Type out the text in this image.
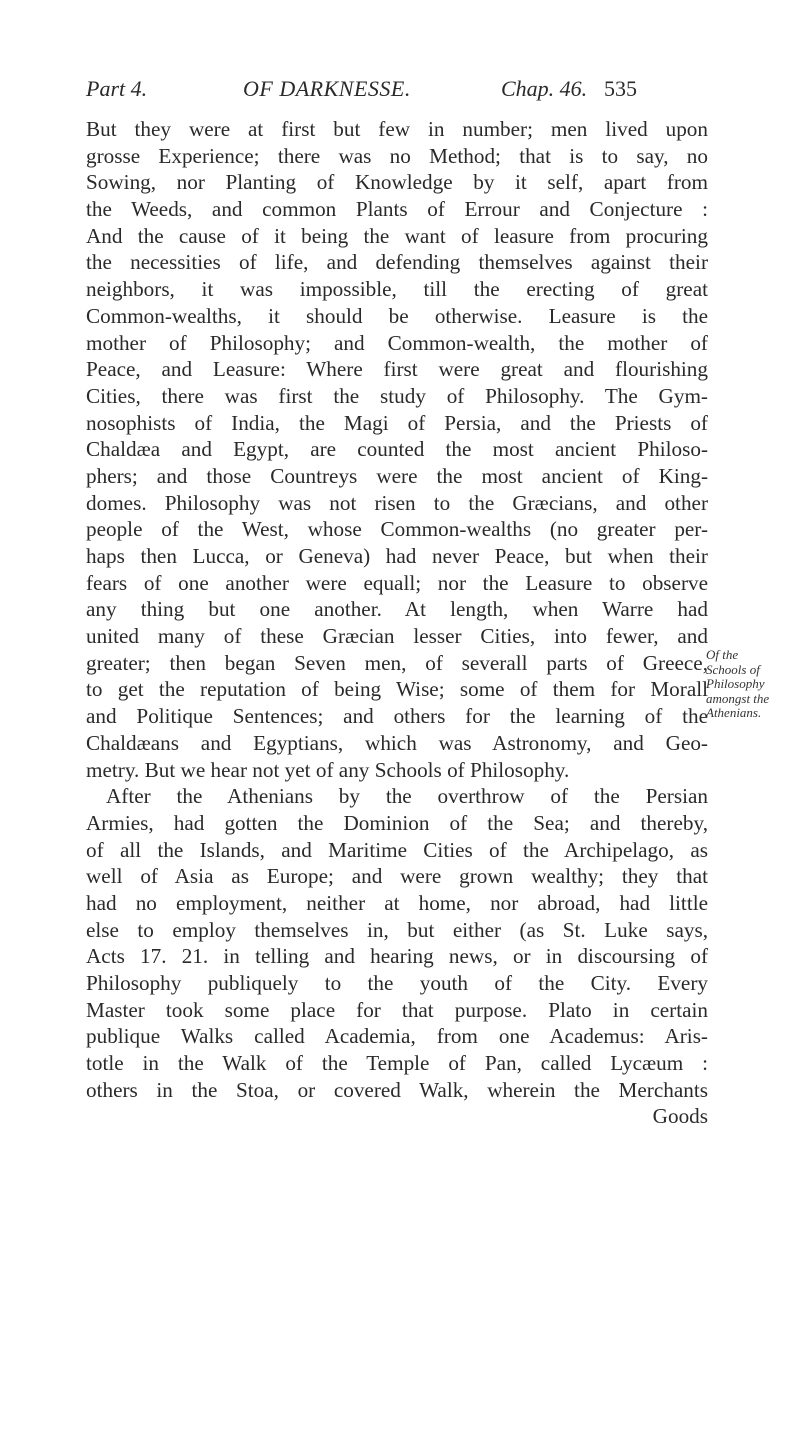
Part 4.	OF DARKNESSE.	Chap. 46. 535
But they were at first but few in number; men lived upon
grosse Experience; there was no Method; that is to say, no
Sowing, nor Planting of Knowledge by it self, apart from
the Weeds, and common Plants of Errour and Conjecture :
And the cause of it being the want of leasure from procuring
the necessities of life, and defending themselves against their
neighbors, it was impossible, till the erecting of great
Common-wealths, it should be otherwise. Leasure is the
mother of Philosophy; and Common-wealth, the mother of
Peace, and Leasure: Where first were great and flourishing
Cities, there was first the study of Philosophy. The Gym-
nosophists of India, the Magi of Persia, and the Priests of
Chaldæa and Egypt, are counted the most ancient Philoso-
phers; and those Countreys were the most ancient of King-
domes. Philosophy was not risen to the Græcians, and other
people of the West, whose Common-wealths (no greater per-
haps then Lucca, or Geneva) had never Peace, but when their
fears of one another were equall; nor the Leasure to observe
any thing but one another. At length, when Warre had
united many of these Græcian lesser Cities, into fewer, and
greater; then began Seven men, of severall parts of Greece,
to get the reputation of being Wise; some of them for Morall
and Politique Sentences; and others for the learning of the
Chaldæans and Egyptians, which was Astronomy, and Geo-
metry. But we hear not yet of any Schools of Philosophy.
After the Athenians by the overthrow of the Persian
Armies, had gotten the Dominion of the Sea; and thereby,
of all the Islands, and Maritime Cities of the Archipelago, as
well of Asia as Europe; and were grown wealthy; they that
had no employment, neither at home, nor abroad, had little
else to employ themselves in, but either (as St. Luke says,
Acts 17. 21. in telling and hearing news, or in discoursing of
Philosophy publiquely to the youth of the City. Every
Master took some place for that purpose. Plato in certain
publique Walks called Academia, from one Academus: Aris-
totle in the Walk of the Temple of Pan, called Lycæum :
others in the Stoa, or covered Walk, wherein the Merchants
Goods
Of the
Schools of
Philosophy
amongst the
Athenians.
